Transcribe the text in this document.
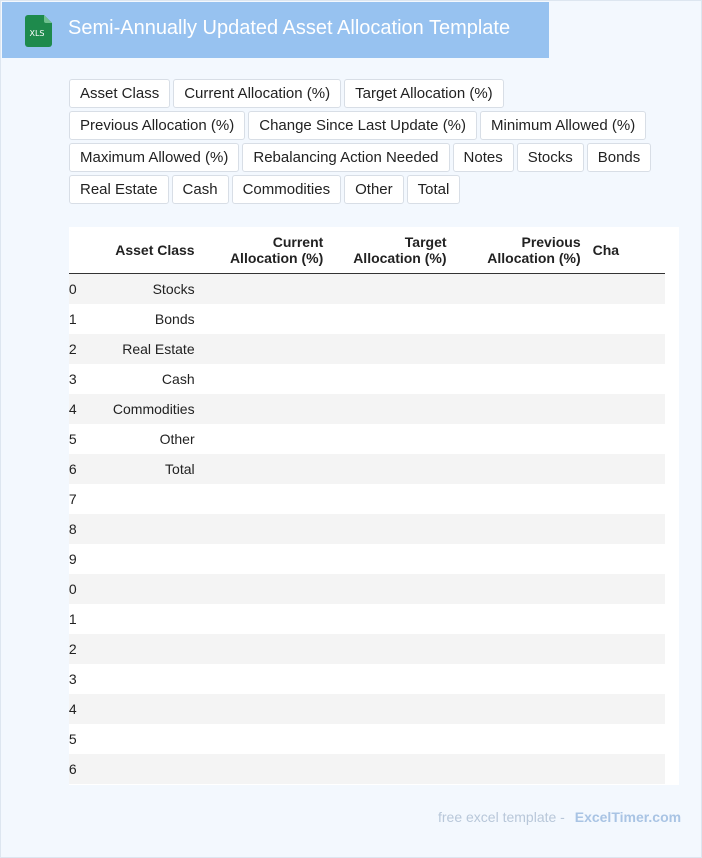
XLS Semi-Annually Updated Asset Allocation Template
Asset Class	Current Allocation (%)	Target Allocation (%)
Previous Allocation (%)	Change Since Last Update (%)	Minimum Allowed (%)
Maximum Allowed (%)	Rebalancing Action Needed	Notes	Stocks	Bonds
Real Estate	Cash	Commodities	Other	Total
	Asset Class	Current Allocation (%)	Target Allocation (%)	Previous Allocation (%)	Cha
0	Stocks				
1	Bonds				
2	Real Estate				
3	Cash				
4	Commodities				
5	Other				
6	Total				
7					
8					
9					
0					
1					
2					
3					
4					
5					
6					
free excel template - ExcelTimer.com
